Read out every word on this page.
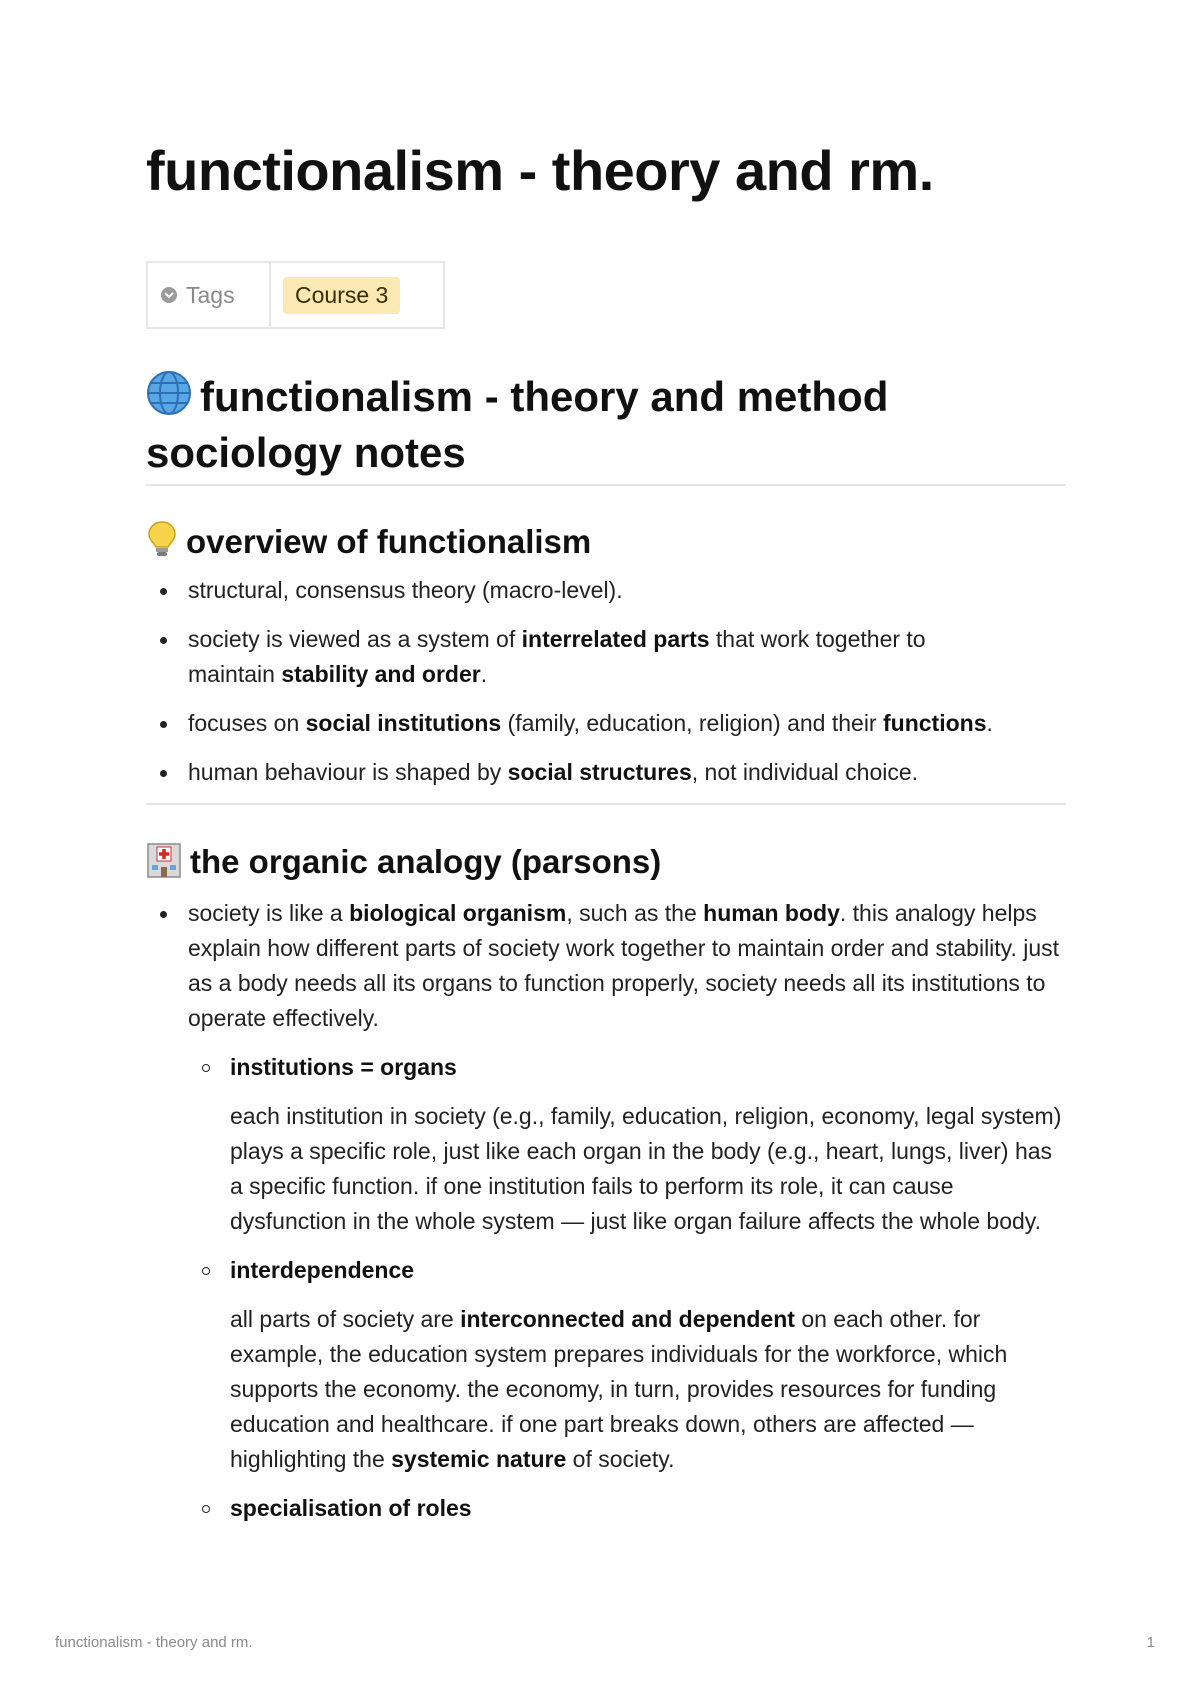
functionalism - theory and rm.
Tags	Course 3
functionalism - theory and method
sociology notes
overview of functionalism
structural, consensus theory (macro-level).
society is viewed as a system of interrelated parts that work together to
maintain stability and order.
focuses on social institutions (family, education, religion) and their functions.
human behaviour is shaped by social structures, not individual choice.
the organic analogy (parsons)
society is like a biological organism, such as the human body. this analogy helps explain how different parts of society work together to maintain order and stability. just as a body needs all its organs to function properly, society needs all its institutions to operate effectively.
institutions = organs
each institution in society (e.g., family, education, religion, economy, legal system) plays a specific role, just like each organ in the body (e.g., heart, lungs, liver) has a specific function. if one institution fails to perform its role, it can cause dysfunction in the whole system — just like organ failure affects the whole body.
interdependence
all parts of society are interconnected and dependent on each other. for example, the education system prepares individuals for the workforce, which supports the economy. the economy, in turn, provides resources for funding education and healthcare. if one part breaks down, others are affected — highlighting the systemic nature of society.
specialisation of roles
functionalism - theory and rm.	1
